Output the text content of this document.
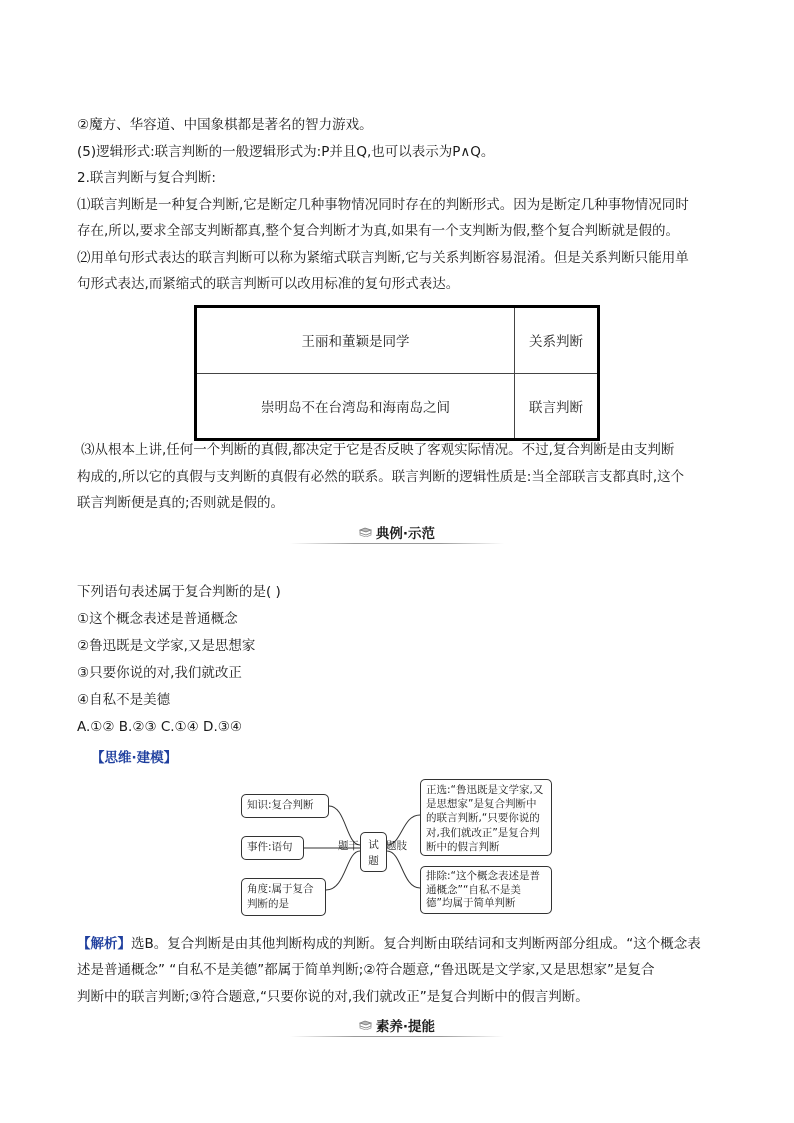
②魔方、华容道、中国象棋都是著名的智力游戏。
(5)逻辑形式:联言判断的一般逻辑形式为:P并且Q,也可以表示为P∧Q。
2.联言判断与复合判断:
⑴联言判断是一种复合判断,它是断定几种事物情况同时存在的判断形式。因为是断定几种事物情况同时
存在,所以,要求全部支判断都真,整个复合判断才为真,如果有一个支判断为假,整个复合判断就是假的。
⑵用单句形式表达的联言判断可以称为紧缩式联言判断,它与关系判断容易混淆。但是关系判断只能用单
句形式表达,而紧缩式的联言判断可以改用标准的复句形式表达。
王丽和董颖是同学	关系判断
崇明岛不在台湾岛和海南岛之间	联言判断
⑶从根本上讲,任何一个判断的真假,都决定于它是否反映了客观实际情况。不过,复合判断是由支判断
构成的,所以它的真假与支判断的真假有必然的联系。联言判断的逻辑性质是:当全部联言支都真时,这个
联言判断便是真的;否则就是假的。
典例·示范
下列语句表述属于复合判断的是( )
①这个概念表述是普通概念
②鲁迅既是文学家,又是思想家
③只要你说的对,我们就改正
④自私不是美德
A.①② B.②③ C.①④ D.③④
【思维·建模】
知识:复合判断
事件:语句
角度:属于复合判断的是
题干 试题
题肢
正选:“鲁迅既是文学家,又是思想家”是复合判断中的联言判断,“只要你说的对,我们就改正”是复合判断中的假言判断
排除:“这个概念表述是普通概念”“自私不是美德”均属于简单判断
【解析】选B。复合判断是由其他判断构成的判断。复合判断由联结词和支判断两部分组成。“这个概念表
述是普通概念” “自私不是美德”都属于简单判断;②符合题意,“鲁迅既是文学家,又是思想家”是复合
判断中的联言判断;③符合题意,“只要你说的对,我们就改正”是复合判断中的假言判断。
素养·提能
